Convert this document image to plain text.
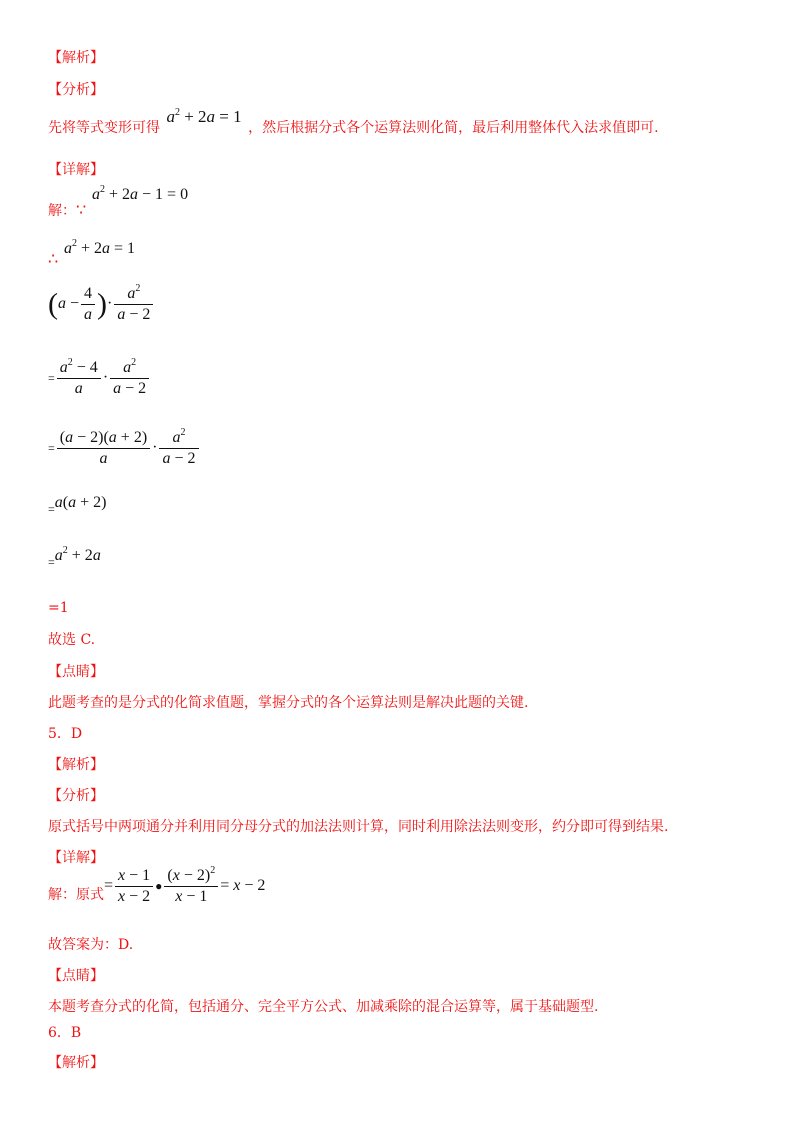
【解析】
【分析】
先将等式变形可得 $a^2 + 2a = 1$ ，然后根据分式各个运算法则化简，最后利用整体代入法求值即可.
【详解】
解：∵
$a^2 + 2a - 1 = 0$
∴
$a^2 + 2a = 1$
($a - \frac{4}{a}$ )· $\frac{a^2}{a - 2}$
= $\frac{a^2 - 4}{a} \cdot \frac{a^2}{a - 2}$
= $\frac{(a - 2)(a + 2)}{a} \cdot \frac{a^2}{a - 2}$
=a(a + 2)
$=a^2 + 2a$
=1
故选 C.
【点睛】
此题考查的是分式的化简求值题，掌握分式的各个运算法则是解决此题的关键.
5．D
【解析】
【分析】
原式括号中两项通分并利用同分母分式的加法法则计算，同时利用除法法则变形，约分即可得到结果.
【详解】
解：原式
= $\frac{x - 1}{x - 2}$ ● $\frac{(x - 2)^2}{x - 1} = x - 2$
故答案为：D.
【点睛】
本题考查分式的化简，包括通分、完全平方公式、加减乘除的混合运算等，属于基础题型.
6．B
【解析】
